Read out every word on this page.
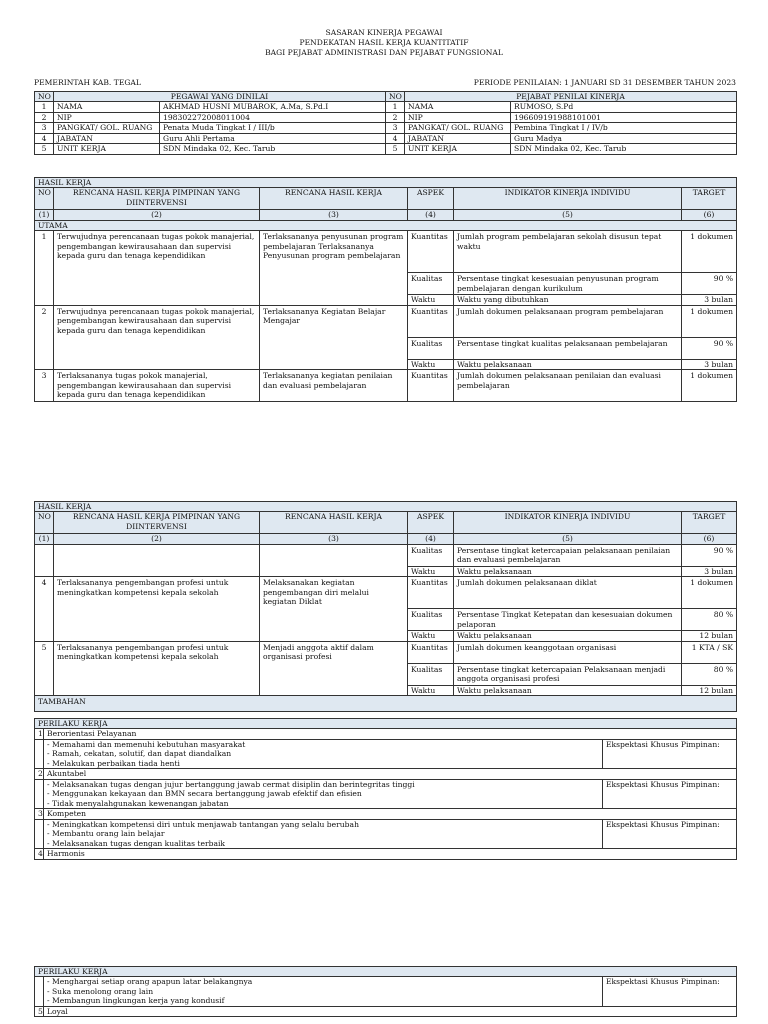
SASARAN KINERJA PEGAWAI
PENDEKATAN HASIL KERJA KUANTITATIF
BAGI PEJABAT ADMINISTRASI DAN PEJABAT FUNGSIONAL
PEMERINTAH KAB. TEGAL	PERIODE PENILAIAN: 1 JANUARI SD 31 DESEMBER TAHUN 2023
NO	PEGAWAI YANG DINILAI		NO	PEJABAT PENILAI KINERJA	
1	NAMA	AKHMAD HUSNI MUBAROK, A.Ma, S.Pd.I	1	NAMA	RUMOSO, S.Pd
2	NIP	198302272008011004	2	NIP	196609191988101001
3	PANGKAT/ GOL. RUANG	Penata Muda Tingkat I / III/b	3	PANGKAT/ GOL. RUANG	Pembina Tingkat I / IV/b
4	JABATAN	Guru Ahli Pertama	4	JABATAN	Guru Madya
5	UNIT KERJA	SDN Mindaka 02, Kec. Tarub	5	UNIT KERJA	SDN Mindaka 02, Kec. Tarub
HASIL KERJA					
NO	RENCANA HASIL KERJA PIMPINAN YANG DIINTERVENSI	RENCANA HASIL KERJA	ASPEK	INDIKATOR KINERJA INDIVIDU	TARGET
(1)	(2)	(3)	(4)	(5)	(6)
UTAMA					
1	Terwujudnya perencanaan tugas pokok manajerial, pengembangan kewirausahaan dan supervisi kepada guru dan tenaga kependidikan	Terlaksananya penyusunan program pembelajaran Terlaksananya Penyusunan program pembelajaran	Kuantitas	Jumlah program pembelajaran sekolah disusun tepat waktu	1 dokumen
			Kualitas	Persentase tingkat kesesuaian penyusunan program pembelajaran dengan kurikulum	90 %
			Waktu	Waktu yang dibutuhkan	3 bulan
2	Terwujudnya perencanaan tugas pokok manajerial, pengembangan kewirausahaan dan supervisi kepada guru dan tenaga kependidikan	Terlaksananya Kegiatan Belajar Mengajar	Kuantitas	Jumlah dokumen pelaksanaan program pembelajaran	1 dokumen
			Kualitas	Persentase tingkat kualitas pelaksanaan pembelajaran	90 %
			Waktu	Waktu pelaksanaan	3 bulan
3	Terlaksananya tugas pokok manajerial, pengembangan kewirausahaan dan supervisi kepada guru dan tenaga kependidikan	Terlaksananya kegiatan penilaian dan evaluasi pembelajaran	Kuantitas	Jumlah dokumen pelaksanaan penilaian dan evaluasi pembelajaran	1 dokumen
HASIL KERJA					
NO	RENCANA HASIL KERJA PIMPINAN YANG DIINTERVENSI	RENCANA HASIL KERJA	ASPEK	INDIKATOR KINERJA INDIVIDU	TARGET
(1)	(2)	(3)	(4)	(5)	(6)
			Kualitas	Persentase tingkat ketercapaian pelaksanaan penilaian dan evaluasi pembelajaran	90 %
			Waktu	Waktu pelaksanaan	3 bulan
4	Terlaksananya pengembangan profesi untuk meningkatkan kompetensi kepala sekolah	Melaksanakan kegiatan pengembangan diri melalui kegiatan Diklat	Kuantitas	Jumlah dokumen pelaksanaan diklat	1 dokumen
			Kualitas	Persentase Tingkat Ketepatan dan kesesuaian dokumen pelaporan	80 %
			Waktu	Waktu pelaksanaan	12 bulan
5	Terlaksananya pengembangan profesi untuk meningkatkan kompetensi kepala sekolah	Menjadi anggota aktif dalam organisasi profesi	Kuantitas	Jumlah dokumen keanggotaan organisasi	1 KTA / SK
			Kualitas	Persentase tingkat ketercapaian Pelaksanaan menjadi anggota organisasi profesi	80 %
			Waktu	Waktu pelaksanaan	12 bulan
TAMBAHAN					
PERILAKU KERJA		
1	Berorientasi Pelayanan	

	- Memahami dan memenuhi kebutuhan masyarakat
- Ramah, cekatan, solutif, dan dapat diandalkan
- Melakukan perbaikan tiada henti	Ekspektasi Khusus Pimpinan:
2	Akuntabel	

	- Melaksanakan tugas dengan jujur bertanggung jawab cermat disiplin dan berintegritas tinggi
- Menggunakan kekayaan dan BMN secara bertanggung jawab efektif dan efisien
- Tidak menyalahgunakan kewenangan jabatan	Ekspektasi Khusus Pimpinan:
3	Kompeten	

	- Meningkatkan kompetensi diri untuk menjawab tantangan yang selalu berubah
- Membantu orang lain belajar
- Melaksanakan tugas dengan kualitas terbaik	Ekspektasi Khusus Pimpinan:
4	Harmonis	
PERILAKU KERJA		

	- Menghargai setiap orang apapun latar belakangnya
- Suka menolong orang lain
- Membangun lingkungan kerja yang kondusif	Ekspektasi Khusus Pimpinan:
5	Loyal	
